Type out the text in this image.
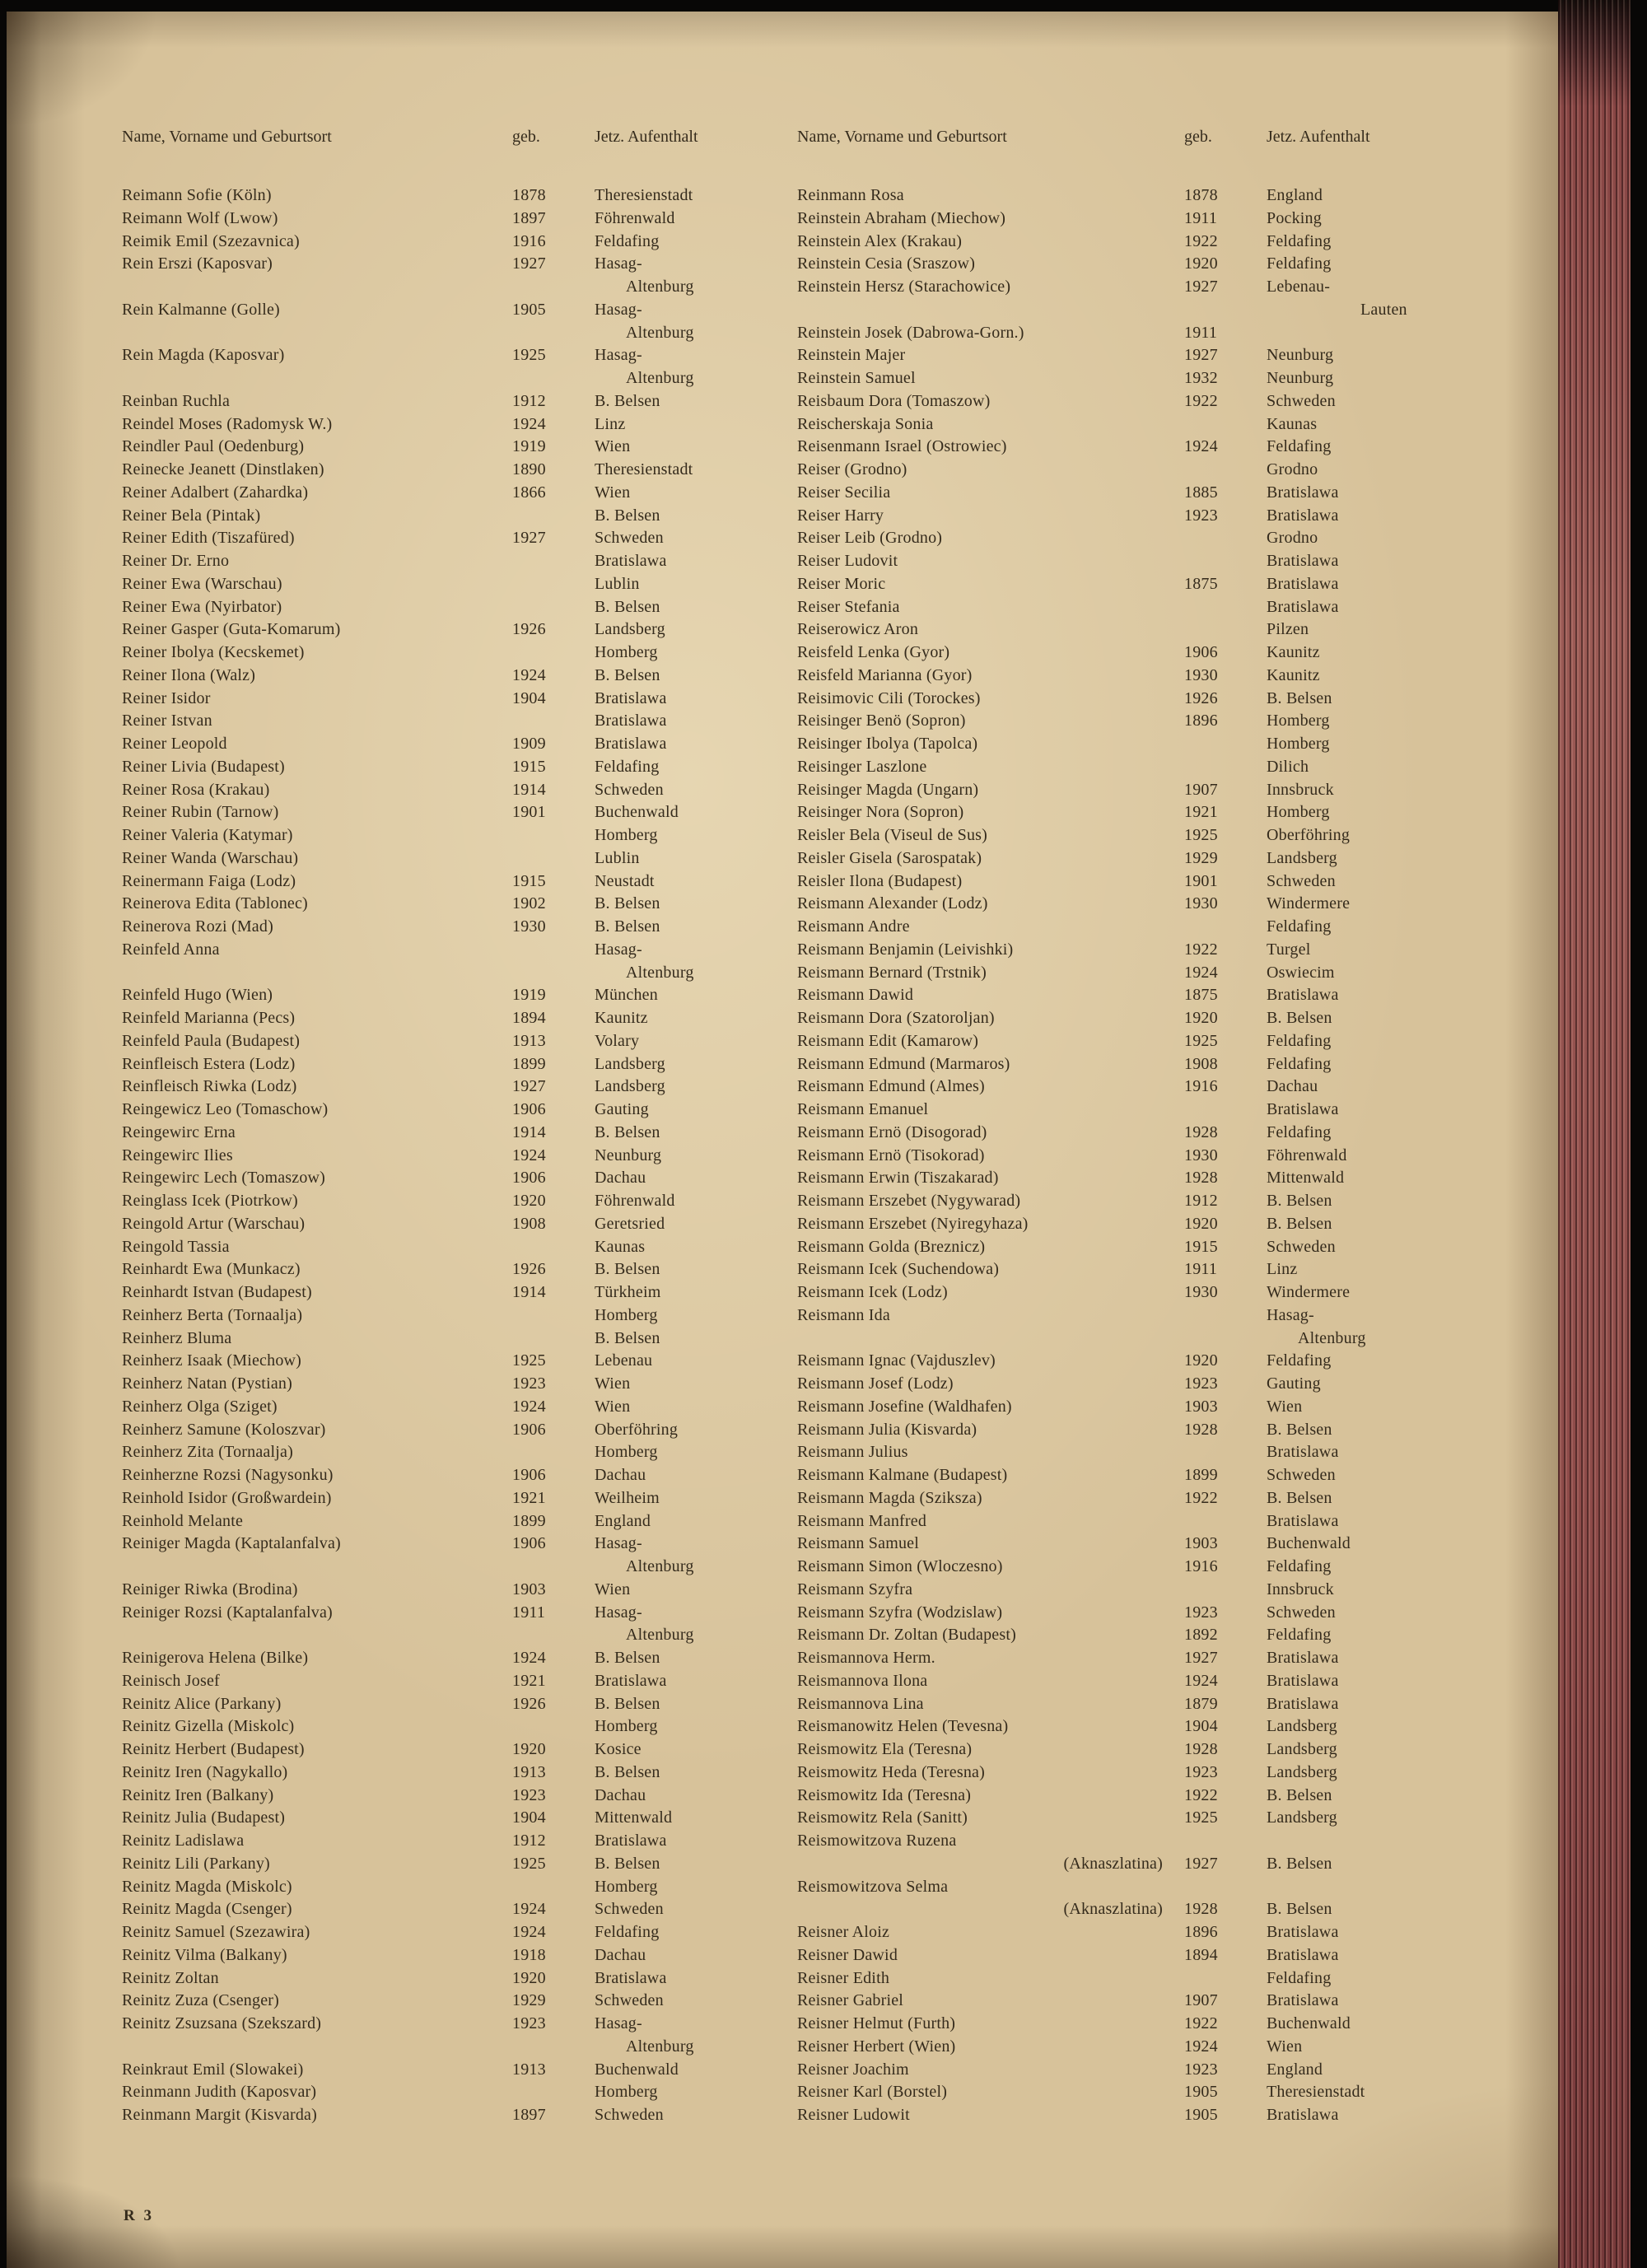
Name, Vorname und Geburtsort	geb.	Jetz. Aufenthalt	Name, Vorname und Geburtsort	geb.	Jetz. Aufenthalt
Reimann Sofie (Köln)	1878	Theresienstadt
Reimann Wolf (Lwow)	1897	Föhrenwald
Reimik Emil (Szezavnica)	1916	Feldafing
Rein Erszi (Kaposvar)	1927	Hasag-
Altenburg
Rein Kalmanne (Golle)	1905	Hasag-
Altenburg
Rein Magda (Kaposvar)	1925	Hasag-
Altenburg
Reinban Ruchla	1912	B. Belsen
Reindel Moses (Radomysk W.)	1924	Linz
Reindler Paul (Oedenburg)	1919	Wien
Reinecke Jeanett (Dinstlaken)	1890	Theresienstadt
Reiner Adalbert (Zahardka)	1866	Wien
Reiner Bela (Pintak)	B. Belsen
Reiner Edith (Tiszafüred)	1927	Schweden
Reiner Dr. Erno	Bratislawa
Reiner Ewa (Warschau)	Lublin
Reiner Ewa (Nyirbator)	B. Belsen
Reiner Gasper (Guta-Komarum)	1926	Landsberg
Reiner Ibolya (Kecskemet)	Homberg
Reiner Ilona (Walz)	1924	B. Belsen
Reiner Isidor	1904	Bratislawa
Reiner Istvan	Bratislawa
Reiner Leopold	1909	Bratislawa
Reiner Livia (Budapest)	1915	Feldafing
Reiner Rosa (Krakau)	1914	Schweden
Reiner Rubin (Tarnow)	1901	Buchenwald
Reiner Valeria (Katymar)	Homberg
Reiner Wanda (Warschau)	Lublin
Reinermann Faiga (Lodz)	1915	Neustadt
Reinerova Edita (Tablonec)	1902	B. Belsen
Reinerova Rozi (Mad)	1930	B. Belsen
Reinfeld Anna	Hasag-
Altenburg
Reinfeld Hugo (Wien)	1919	München
Reinfeld Marianna (Pecs)	1894	Kaunitz
Reinfeld Paula (Budapest)	1913	Volary
Reinfleisch Estera (Lodz)	1899	Landsberg
Reinfleisch Riwka (Lodz)	1927	Landsberg
Reingewicz Leo (Tomaschow)	1906	Gauting
Reingewirc Erna	1914	B. Belsen
Reingewirc Ilies	1924	Neunburg
Reingewirc Lech (Tomaszow)	1906	Dachau
Reinglass Icek (Piotrkow)	1920	Föhrenwald
Reingold Artur (Warschau)	1908	Geretsried
Reingold Tassia	Kaunas
Reinhardt Ewa (Munkacz)	1926	B. Belsen
Reinhardt Istvan (Budapest)	1914	Türkheim
Reinherz Berta (Tornaalja)	Homberg
Reinherz Bluma	B. Belsen
Reinherz Isaak (Miechow)	1925	Lebenau
Reinherz Natan (Pystian)	1923	Wien
Reinherz Olga (Sziget)	1924	Wien
Reinherz Samune (Koloszvar)	1906	Oberföhring
Reinherz Zita (Tornaalja)	Homberg
Reinherzne Rozsi (Nagysonku)	1906	Dachau
Reinhold Isidor (Großwardein)	1921	Weilheim
Reinhold Melante	1899	England
Reiniger Magda (Kaptalanfalva)	1906	Hasag-
Altenburg
Reiniger Riwka (Brodina)	1903	Wien
Reiniger Rozsi (Kaptalanfalva)	1911	Hasag-
Altenburg
Reinigerova Helena (Bilke)	1924	B. Belsen
Reinisch Josef	1921	Bratislawa
Reinitz Alice (Parkany)	1926	B. Belsen
Reinitz Gizella (Miskolc)	Homberg
Reinitz Herbert (Budapest)	1920	Kosice
Reinitz Iren (Nagykallo)	1913	B. Belsen
Reinitz Iren (Balkany)	1923	Dachau
Reinitz Julia (Budapest)	1904	Mittenwald
Reinitz Ladislawa	1912	Bratislawa
Reinitz Lili (Parkany)	1925	B. Belsen
Reinitz Magda (Miskolc)	Homberg
Reinitz Magda (Csenger)	1924	Schweden
Reinitz Samuel (Szezawira)	1924	Feldafing
Reinitz Vilma (Balkany)	1918	Dachau
Reinitz Zoltan	1920	Bratislawa
Reinitz Zuza (Csenger)	1929	Schweden
Reinitz Zsuzsana (Szekszard)	1923	Hasag-
Altenburg
Reinkraut Emil (Slowakei)	1913	Buchenwald
Reinmann Judith (Kaposvar)	Homberg
Reinmann Margit (Kisvarda)	1897	Schweden
Reinmann Rosa	1878	England
Reinstein Abraham (Miechow)	1911	Pocking
Reinstein Alex (Krakau)	1922	Feldafing
Reinstein Cesia (Sraszow)	1920	Feldafing
Reinstein Hersz (Starachowice)	1927	Lebenau-
Lauten
Reinstein Josek (Dabrowa-Gorn.)	1911
Reinstein Majer	1927	Neunburg
Reinstein Samuel	1932	Neunburg
Reisbaum Dora (Tomaszow)	1922	Schweden
Reischerskaja Sonia	Kaunas
Reisenmann Israel (Ostrowiec)	1924	Feldafing
Reiser (Grodno)	Grodno
Reiser Secilia	1885	Bratislawa
Reiser Harry	1923	Bratislawa
Reiser Leib (Grodno)	Grodno
Reiser Ludovit	Bratislawa
Reiser Moric	1875	Bratislawa
Reiser Stefania	Bratislawa
Reiserowicz Aron	Pilzen
Reisfeld Lenka (Gyor)	1906	Kaunitz
Reisfeld Marianna (Gyor)	1930	Kaunitz
Reisimovic Cili (Torockes)	1926	B. Belsen
Reisinger Benö (Sopron)	1896	Homberg
Reisinger Ibolya (Tapolca)	Homberg
Reisinger Laszlone	Dilich
Reisinger Magda (Ungarn)	1907	Innsbruck
Reisinger Nora (Sopron)	1921	Homberg
Reisler Bela (Viseul de Sus)	1925	Oberföhring
Reisler Gisela (Sarospatak)	1929	Landsberg
Reisler Ilona (Budapest)	1901	Schweden
Reismann Alexander (Lodz)	1930	Windermere
Reismann Andre	Feldafing
Reismann Benjamin (Leivishki)	1922	Turgel
Reismann Bernard (Trstnik)	1924	Oswiecim
Reismann Dawid	1875	Bratislawa
Reismann Dora (Szatoroljan)	1920	B. Belsen
Reismann Edit (Kamarow)	1925	Feldafing
Reismann Edmund (Marmaros)	1908	Feldafing
Reismann Edmund (Almes)	1916	Dachau
Reismann Emanuel	Bratislawa
Reismann Ernö (Disogorad)	1928	Feldafing
Reismann Ernö (Tisokorad)	1930	Föhrenwald
Reismann Erwin (Tiszakarad)	1928	Mittenwald
Reismann Erszebet (Nygywarad)	1912	B. Belsen
Reismann Erszebet (Nyiregyhaza)	1920	B. Belsen
Reismann Golda (Breznicz)	1915	Schweden
Reismann Icek (Suchendowa)	1911	Linz
Reismann Icek (Lodz)	1930	Windermere
Reismann Ida	Hasag-
Altenburg
Reismann Ignac (Vajduszlev)	1920	Feldafing
Reismann Josef (Lodz)	1923	Gauting
Reismann Josefine (Waldhafen)	1903	Wien
Reismann Julia (Kisvarda)	1928	B. Belsen
Reismann Julius	Bratislawa
Reismann Kalmane (Budapest)	1899	Schweden
Reismann Magda (Sziksza)	1922	B. Belsen
Reismann Manfred	Bratislawa
Reismann Samuel	1903	Buchenwald
Reismann Simon (Wloczesno)	1916	Feldafing
Reismann Szyfra	Innsbruck
Reismann Szyfra (Wodzislaw)	1923	Schweden
Reismann Dr. Zoltan (Budapest)	1892	Feldafing
Reismannova Herm.	1927	Bratislawa
Reismannova Ilona	1924	Bratislawa
Reismannova Lina	1879	Bratislawa
Reismanowitz Helen (Tevesna)	1904	Landsberg
Reismowitz Ela (Teresna)	1928	Landsberg
Reismowitz Heda (Teresna)	1923	Landsberg
Reismowitz Ida (Teresna)	1922	B. Belsen
Reismowitz Rela (Sanitt)	1925	Landsberg
Reismowitzova Ruzena
(Aknaszlatina)	1927	B. Belsen
Reismowitzova Selma
(Aknaszlatina)	1928	B. Belsen
Reisner Aloiz	1896	Bratislawa
Reisner Dawid	1894	Bratislawa
Reisner Edith	Feldafing
Reisner Gabriel	1907	Bratislawa
Reisner Helmut (Furth)	1922	Buchenwald
Reisner Herbert (Wien)	1924	Wien
Reisner Joachim	1923	England
Reisner Karl (Borstel)	1905	Theresienstadt
Reisner Ludowit	1905	Bratislawa
R 3
